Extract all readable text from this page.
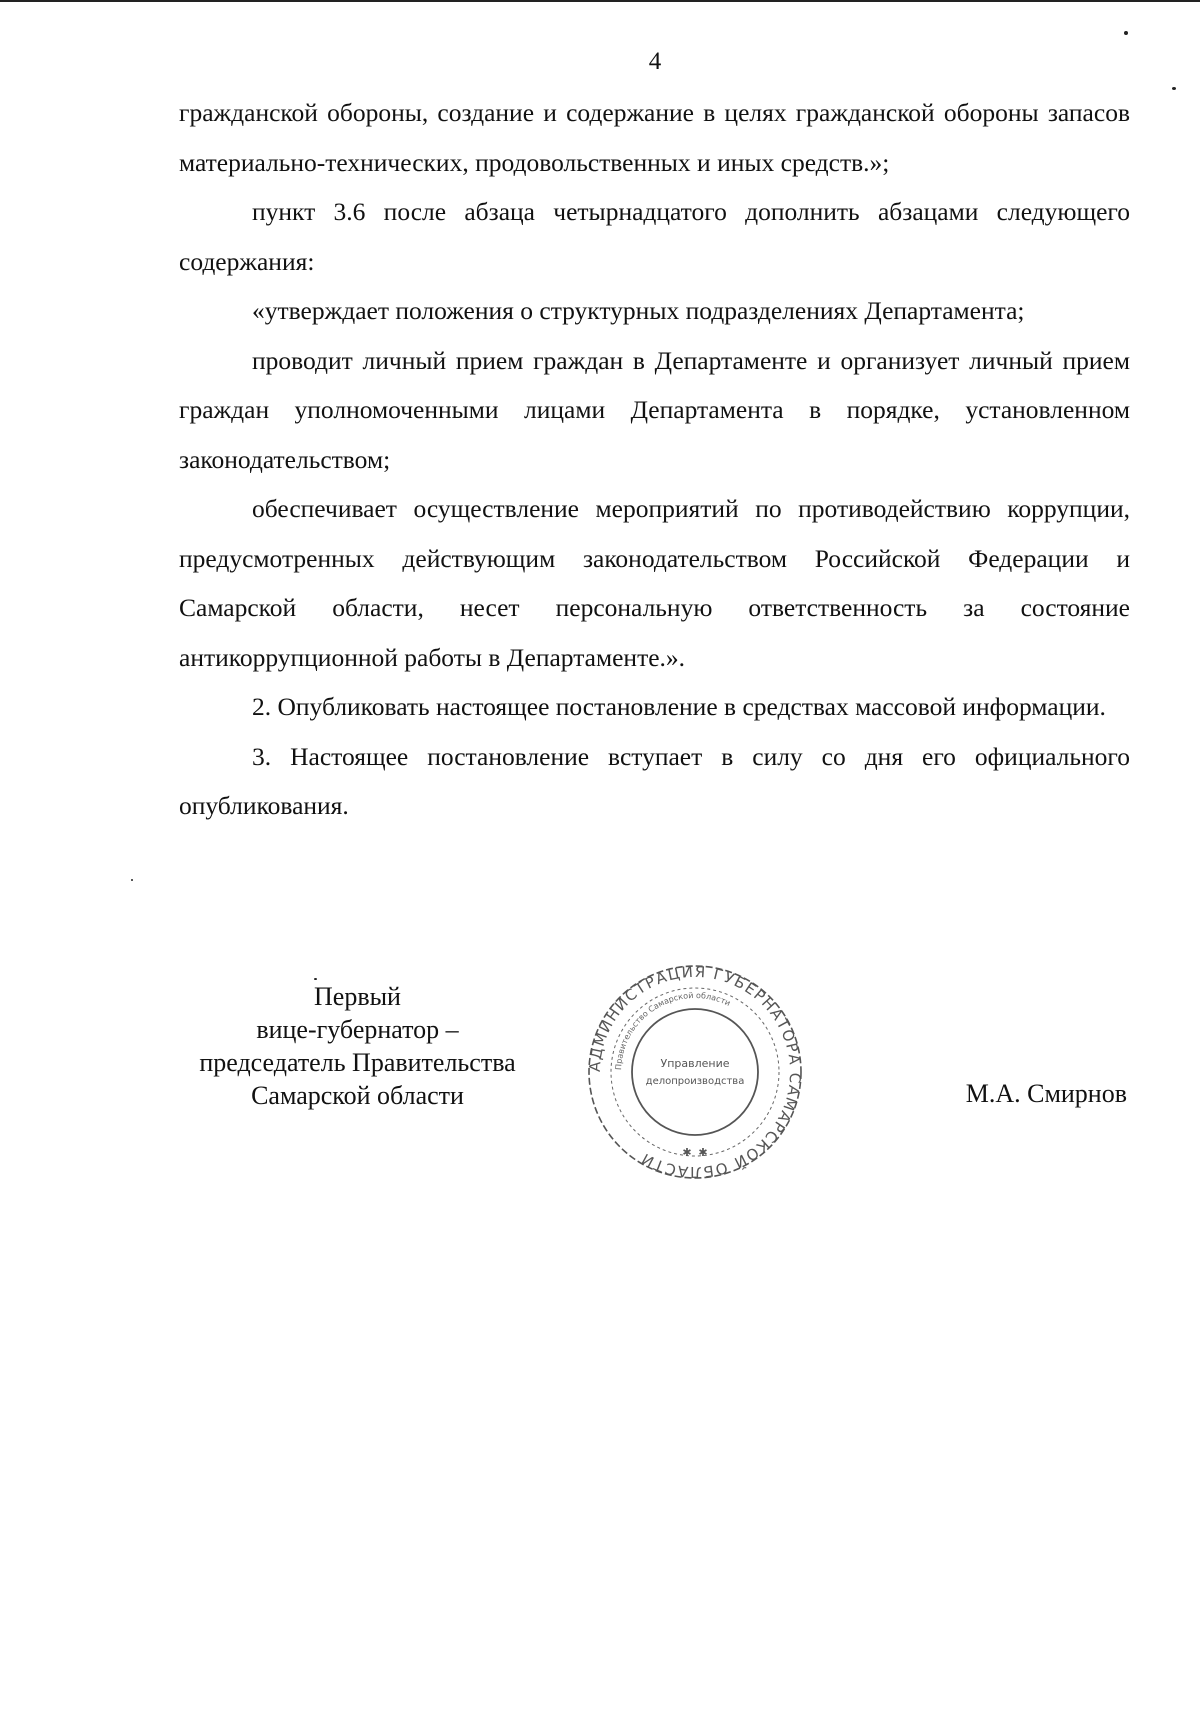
4

гражданской обороны, создание и содержание в целях гражданской обороны запасов материально-технических, продовольственных и иных средств.»;

пункт 3.6 после абзаца четырнадцатого дополнить абзацами следующего содержания:

«утверждает положения о структурных подразделениях Департамента;

проводит личный прием граждан в Департаменте и организует личный прием граждан уполномоченными лицами Департамента в порядке, установленном законодательством;

обеспечивает осуществление мероприятий по противодействию коррупции, предусмотренных действующим законодательством Российской Федерации и Самарской области, несет персональную ответственность за состояние антикоррупционной работы в Департаменте.».

2. Опубликовать настоящее постановление в средствах массовой информации.

3. Настоящее постановление вступает в силу со дня его официального опубликования.

Первый
вице-губернатор –
председатель Правительства
Самарской области
АДМИНИСТРАЦИЯ ГУБЕРНАТОРА САМАРСКОЙ ОБЛАСТИ
Правительство Самарской области
Управление
делопроизводства
✱ ✱
М.А. Смирнов
